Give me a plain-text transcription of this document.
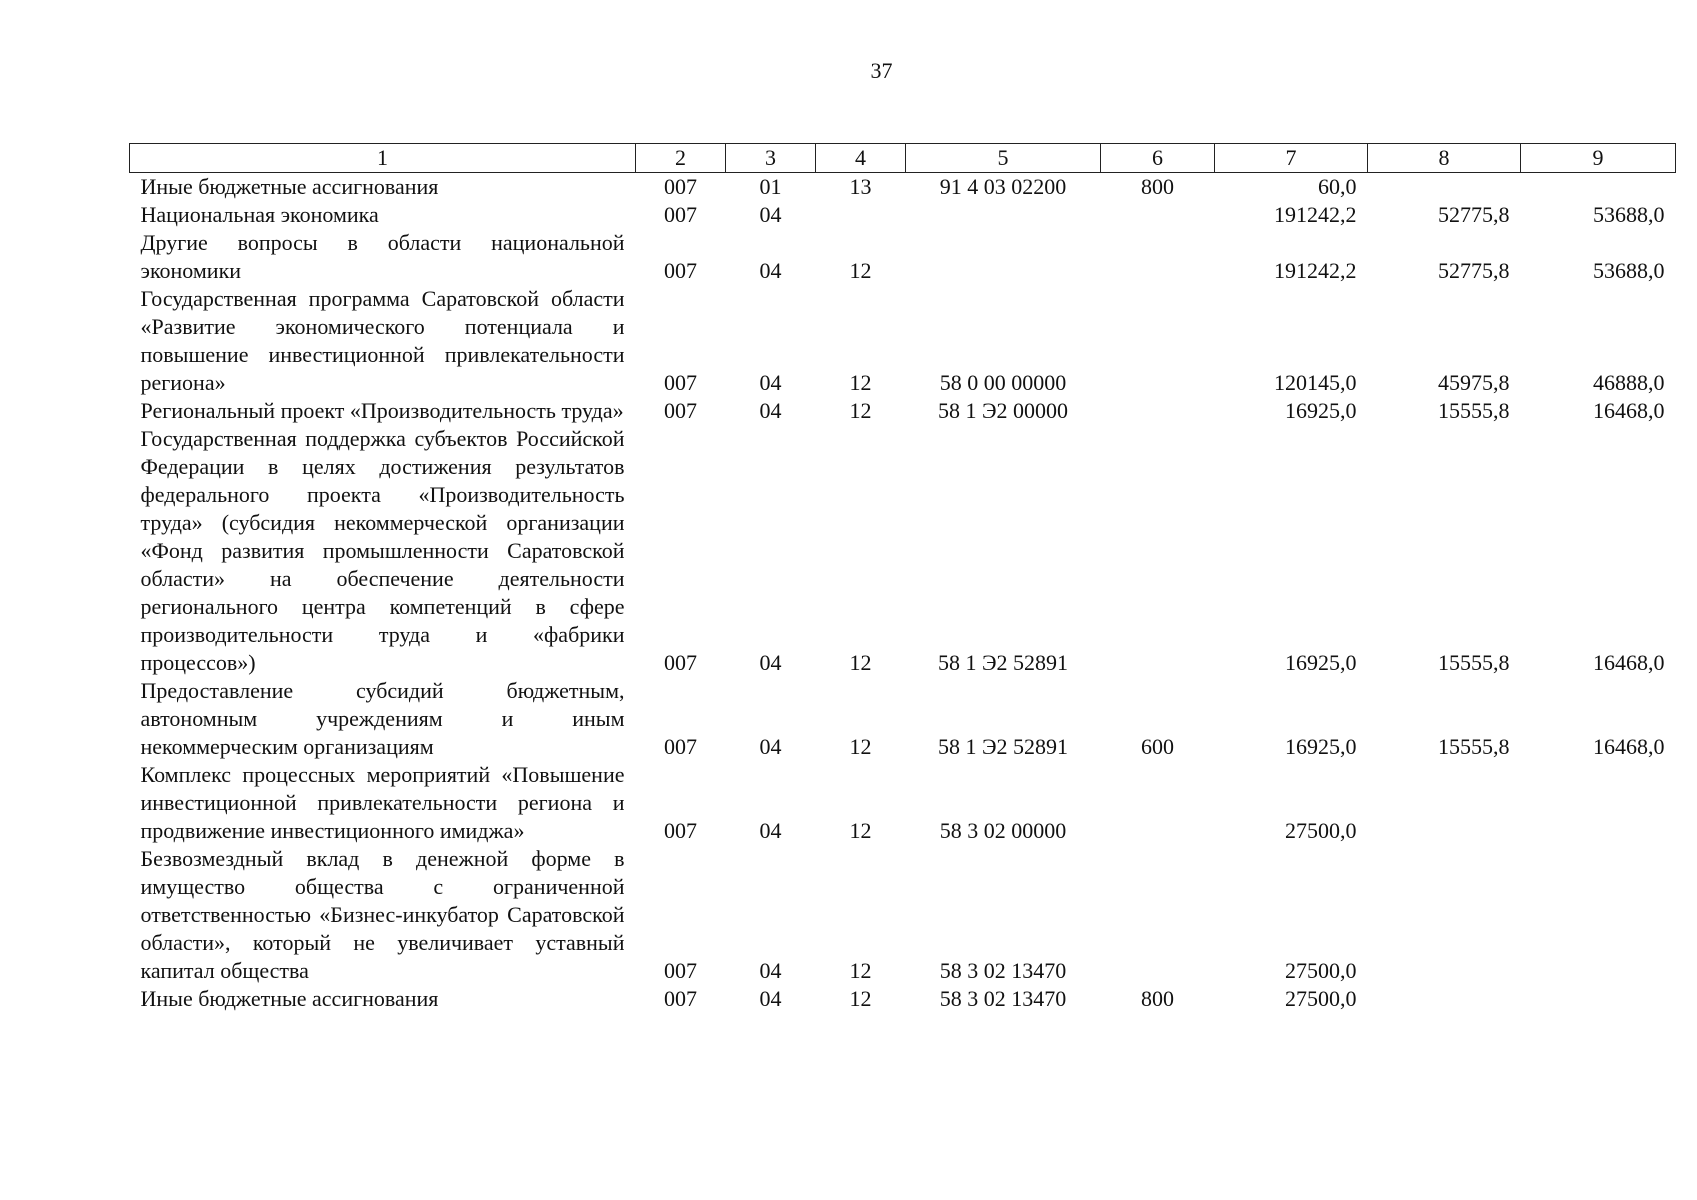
37
1	2	3	4	5	6	7	8	9
Иные бюджетные ассигнования	007	01	13	91 4 03 02200	800	60,0		
Национальная экономика	007	04				191242,2	52775,8	53688,0
Другие вопросы в области национальной экономики	007	04	12			191242,2	52775,8	53688,0
Государственная программа Саратовской области «Развитие экономического потенциала и повышение инвестиционной привлекательности региона»	007	04	12	58 0 00 00000		120145,0	45975,8	46888,0
Региональный проект «Производительность труда»	007	04	12	58 1 Э2 00000		16925,0	15555,8	16468,0
Государственная поддержка субъектов Российской Федерации в целях достижения результатов федерального проекта «Производительность труда» (субсидия некоммерческой организации «Фонд развития промышленности Саратовской области» на обеспечение деятельности регионального центра компетенций в сфере производительности труда и «фабрики процессов»)	007	04	12	58 1 Э2 52891		16925,0	15555,8	16468,0
Предоставление субсидий бюджетным, автономным учреждениям и иным некоммерческим организациям	007	04	12	58 1 Э2 52891	600	16925,0	15555,8	16468,0
Комплекс процессных мероприятий «Повышение инвестиционной привлекательности региона и продвижение инвестиционного имиджа»	007	04	12	58 3 02 00000		27500,0		
Безвозмездный вклад в денежной форме в имущество общества с ограниченной ответственностью «Бизнес-инкубатор Саратовской области», который не увеличивает уставный капитал общества	007	04	12	58 3 02 13470		27500,0		
Иные бюджетные ассигнования	007	04	12	58 3 02 13470	800	27500,0		
